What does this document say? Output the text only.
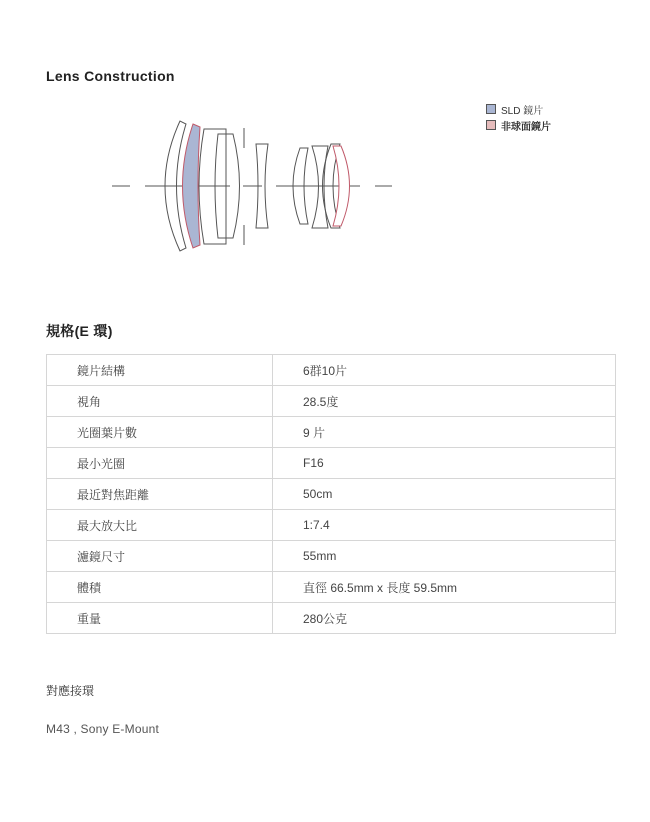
Lens Construction
SLD 鏡片
非球面鏡片
規格(E 環)
鏡片結構	6群10片
視角	28.5度
光圈葉片數	9 片
最小光圈	F16
最近對焦距離	50cm
最大放大比	1:7.4
濾鏡尺寸	55mm
體積	直徑 66.5mm x 長度 59.5mm
重量	280公克
對應接環
M43 , Sony E-Mount
